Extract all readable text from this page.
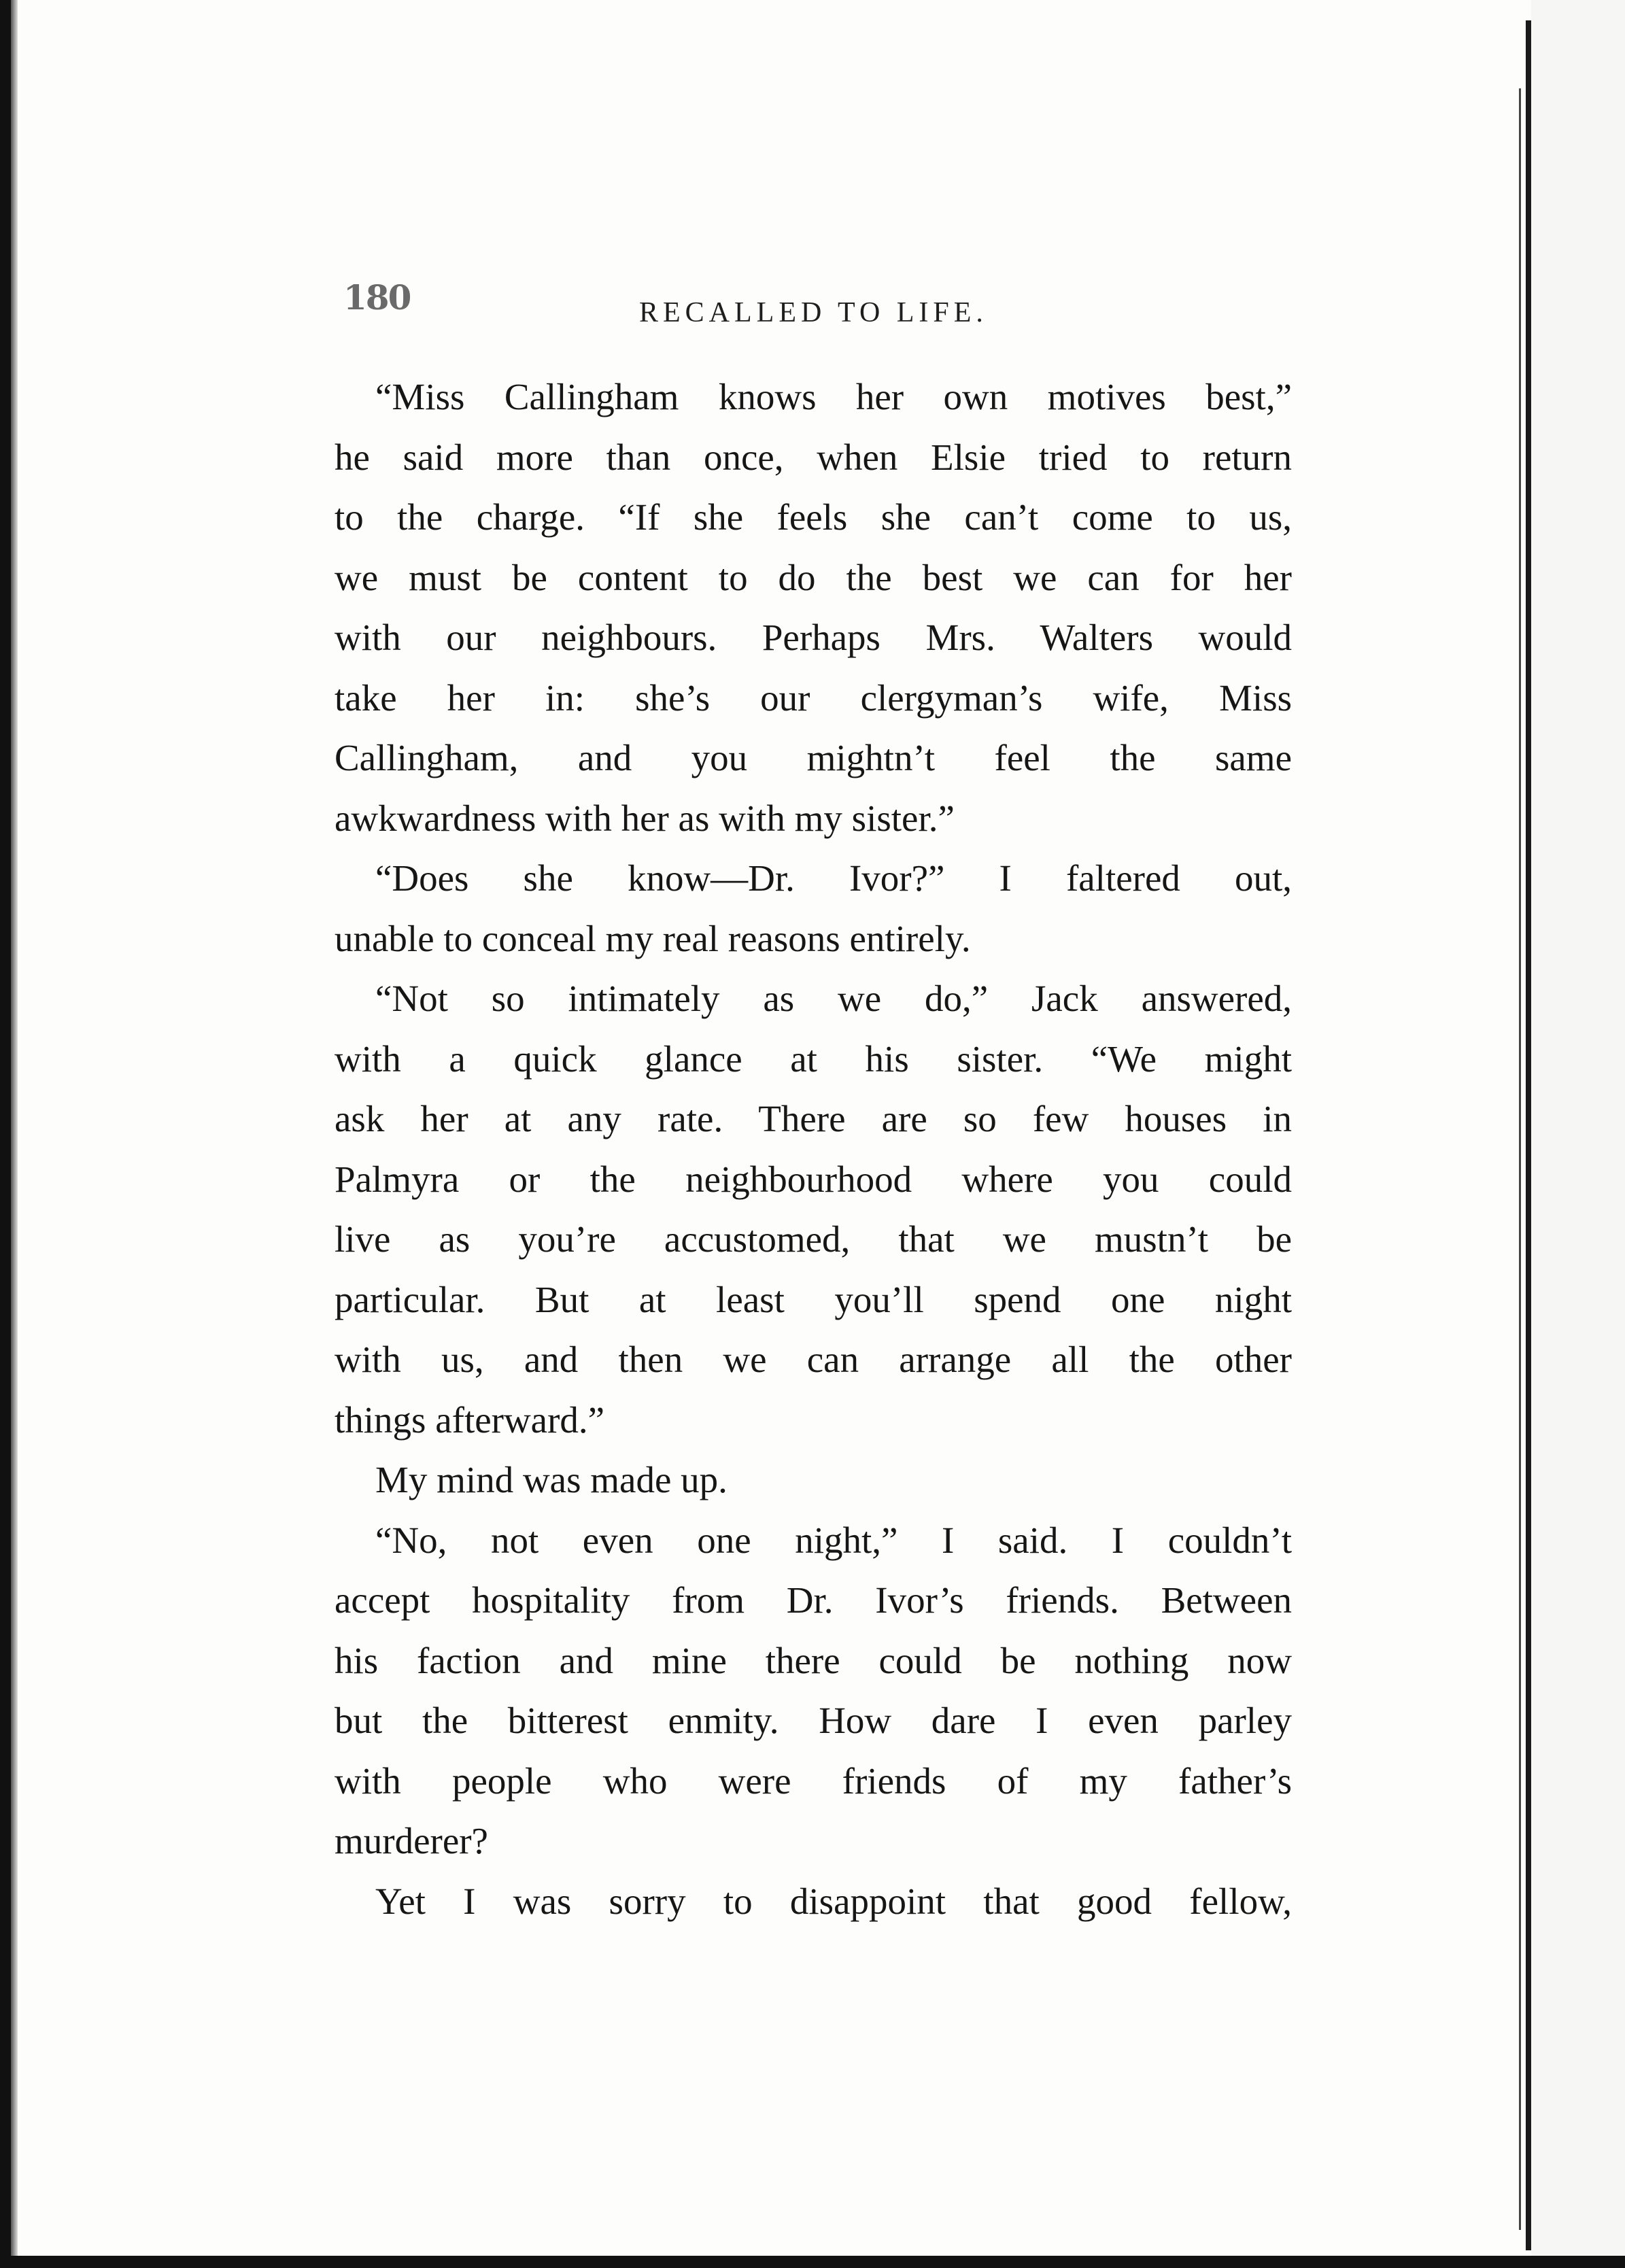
180	RECALLED TO LIFE.
“Miss Callingham knows her own motives best,”
he said more than once, when Elsie tried to return
to the charge. “If she feels she can’t come to us,
we must be content to do the best we can for her
with our neighbours. Perhaps Mrs. Walters would
take her in: she’s our clergyman’s wife, Miss
Callingham, and you mightn’t feel the same
awkwardness with her as with my sister.”
“Does she know—Dr. Ivor?” I faltered out,
unable to conceal my real reasons entirely.
“Not so intimately as we do,” Jack answered,
with a quick glance at his sister. “We might
ask her at any rate. There are so few houses in
Palmyra or the neighbourhood where you could
live as you’re accustomed, that we mustn’t be
particular. But at least you’ll spend one night
with us, and then we can arrange all the other
things afterward.”
My mind was made up.
“No, not even one night,” I said. I couldn’t
accept hospitality from Dr. Ivor’s friends. Between
his faction and mine there could be nothing now
but the bitterest enmity. How dare I even parley
with people who were friends of my father’s
murderer?
Yet I was sorry to disappoint that good fellow,
